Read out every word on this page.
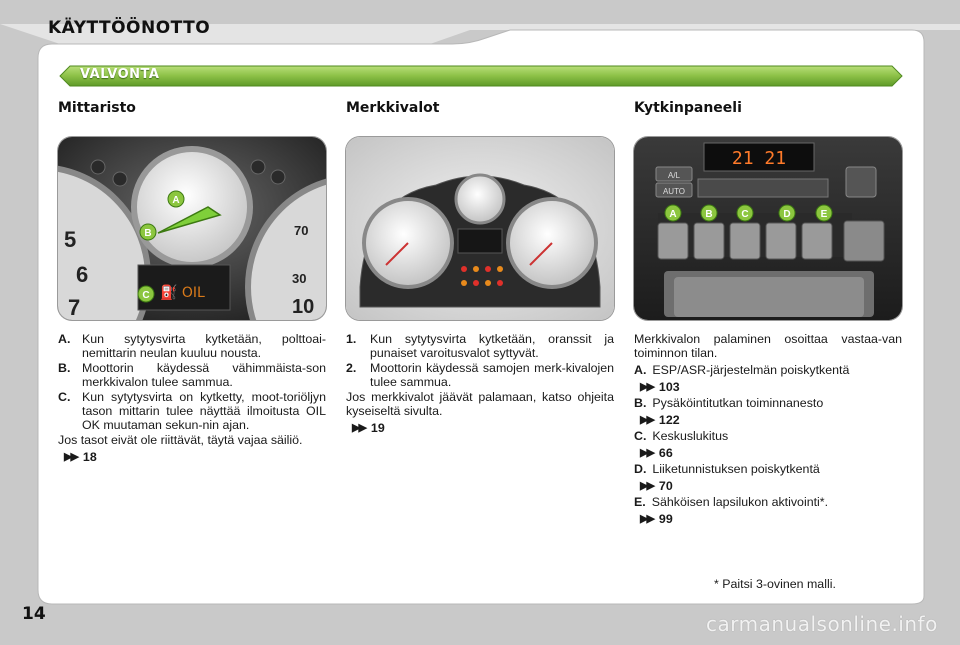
KÄYTTÖÖNOTTO
VALVONTA
Mittaristo	Merkkivalot	Kytkinpaneeli
⛽ OIL
5
6
7
70
30
10
A
B
C
21 21
A/L
AUTO
A	B	C	D	E
A. Kun sytytysvirta kytketään, polttoai-nemittarin neulan kuuluu nousta.
B. Moottorin käydessä vähimmäista-son merkkivalon tulee sammua.
C. Kun sytytysvirta on kytketty, moot-toriöljyn tason mittarin tulee näyttää ilmoitusta OIL OK muutaman sekun-nin ajan.
Jos tasot eivät ole riittävät, täytä vajaa säiliö.
▶▶ 18
1.	Kun sytytysvirta kytketään, oranssit ja punaiset varoitusvalot syttyvät.
2.	Moottorin käydessä samojen merk-kivalojen tulee sammua.
Jos merkkivalot jäävät palamaan, katso ohjeita kyseiseltä sivulta.
▶▶ 19
Merkkivalon palaminen osoittaa vastaa-van toiminnon tilan.
A. ESP/ASR-järjestelmän poiskytkentä
▶▶ 103
B. Pysäköintitutkan toiminnanesto
▶▶ 122
C. Keskuslukitus
▶▶ 66
D. Liiketunnistuksen poiskytkentä
▶▶ 70
E. Sähköisen lapsilukon aktivointi*.
▶▶ 99
* Paitsi 3-ovinen malli.
14	carmanualsonline.info
